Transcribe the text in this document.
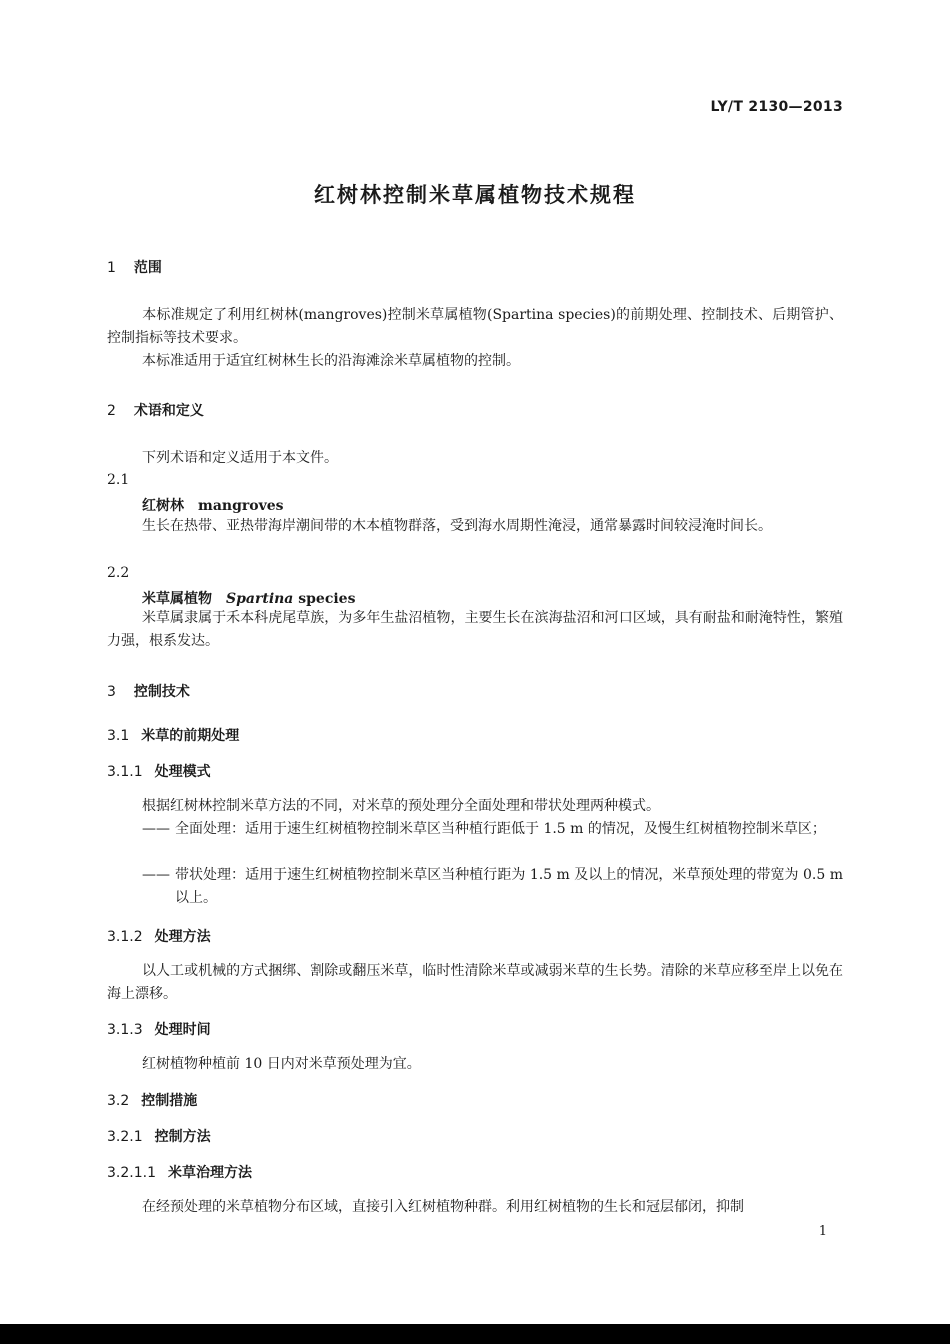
LY/T 2130—2013
红树林控制米草属植物技术规程
1 范围
本标准规定了利用红树林(mangroves)控制米草属植物(Spartina species)的前期处理、控制技术、后期管护、控制指标等技术要求。
本标准适用于适宜红树林生长的沿海滩涂米草属植物的控制。
2 术语和定义
下列术语和定义适用于本文件。
2.1
红树林 mangroves
生长在热带、亚热带海岸潮间带的木本植物群落，受到海水周期性淹浸，通常暴露时间较浸淹时间长。
2.2
米草属植物 Spartina species
米草属隶属于禾本科虎尾草族，为多年生盐沼植物，主要生长在滨海盐沼和河口区域，具有耐盐和耐淹特性，繁殖力强，根系发达。
3 控制技术
3.1 米草的前期处理
3.1.1 处理模式
根据红树林控制米草方法的不同，对米草的预处理分全面处理和带状处理两种模式。
—— 全面处理：适用于速生红树植物控制米草区当种植行距低于 1.5 m 的情况，及慢生红树植物控制米草区；
—— 带状处理：适用于速生红树植物控制米草区当种植行距为 1.5 m 及以上的情况，米草预处理的带宽为 0.5 m 以上。
3.1.2 处理方法
以人工或机械的方式捆绑、割除或翻压米草，临时性清除米草或减弱米草的生长势。清除的米草应移至岸上以免在海上漂移。
3.1.3 处理时间
红树植物种植前 10 日内对米草预处理为宜。
3.2 控制措施
3.2.1 控制方法
3.2.1.1 米草治理方法
在经预处理的米草植物分布区域，直接引入红树植物种群。利用红树植物的生长和冠层郁闭，抑制
1
